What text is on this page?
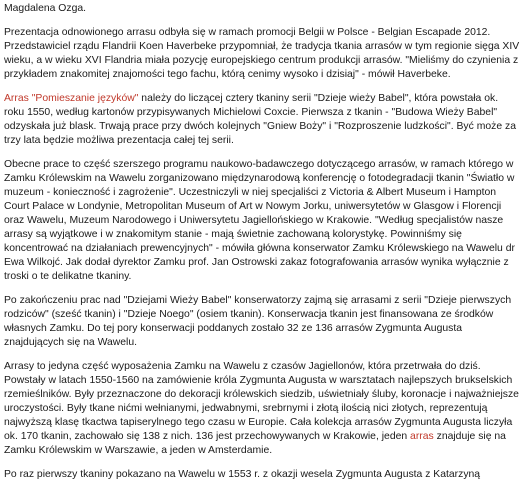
Magdalena Ozga.

Prezentacja odnowionego arrasu odbyła się w ramach promocji Belgii w Polsce - Belgian Escapade 2012. Przedstawiciel rządu Flandrii Koen Haverbeke przypomniał, że tradycja tkania arrasów w tym regionie sięga XIV wieku, a w wieku XVI Flandria miała pozycję europejskiego centrum produkcji arrasów. "Mieliśmy do czynienia z przykładem znakomitej znajomości tego fachu, którą cenimy wysoko i dzisiaj" - mówił Haverbeke.

Arras "Pomieszanie języków" należy do liczącej cztery tkaniny serii "Dzieje wieży Babel", która powstała ok. roku 1550, według kartonów przypisywanych Michielowi Coxcie. Pierwsza z tkanin - "Budowa Wieży Babel" odzyskała już blask. Trwają prace przy dwóch kolejnych "Gniew Boży" i "Rozproszenie ludzkości". Być może za trzy lata będzie możliwa prezentacja całej tej serii.

Obecne prace to część szerszego programu naukowo-badawczego dotyczącego arrasów, w ramach którego w Zamku Królewskim na Wawelu zorganizowano międzynarodową konferencję o fotodegradacji tkanin "Światło w muzeum - konieczność i zagrożenie". Uczestniczyli w niej specjaliści z Victoria & Albert Museum i Hampton Court Palace w Londynie, Metropolitan Museum of Art w Nowym Jorku, uniwersytetów w Glasgow i Florencji oraz Wawelu, Muzeum Narodowego i Uniwersytetu Jagiellońskiego w Krakowie. "Według specjalistów nasze arrasy są wyjątkowe i w znakomitym stanie - mają świetnie zachowaną kolorystykę. Powinniśmy się koncentrować na działaniach prewencyjnych" - mówiła główna konserwator Zamku Królewskiego na Wawelu dr Ewa Wilkojć. Jak dodał dyrektor Zamku prof. Jan Ostrowski zakaz fotografowania arrasów wynika wyłącznie z troski o te delikatne tkaniny.

Po zakończeniu prac nad "Dziejami Wieży Babel" konserwatorzy zajmą się arrasami z serii "Dzieje pierwszych rodziców" (sześć tkanin) i "Dzieje Noego" (osiem tkanin). Konserwacja tkanin jest finansowana ze środków własnych Zamku. Do tej pory konserwacji poddanych zostało 32 ze 136 arrasów Zygmunta Augusta znajdujących się na Wawelu.

Arrasy to jedyna część wyposażenia Zamku na Wawelu z czasów Jagiellonów, która przetrwała do dziś. Powstały w latach 1550-1560 na zamówienie króla Zygmunta Augusta w warsztatach najlepszych brukselskich rzemieślników. Były przeznaczone do dekoracji królewskich siedzib, uświetniały śluby, koronacje i najważniejsze uroczystości. Były tkane nićmi wełnianymi, jedwabnymi, srebrnymi i złotą ilością nici złotych, reprezentują najwyższą klasę tkactwa tapiserylnego tego czasu w Europie. Cała kolekcja arrasów Zygmunta Augusta liczyła ok. 170 tkanin, zachowało się 138 z nich. 136 jest przechowywanych w Krakowie, jeden arras znajduje się na Zamku Królewskim w Warszawie, a jeden w Amsterdamie.

Po raz pierwszy tkaniny pokazano na Wawelu w 1553 r. z okazji wesela Zygmunta Augusta z Katarzyną
